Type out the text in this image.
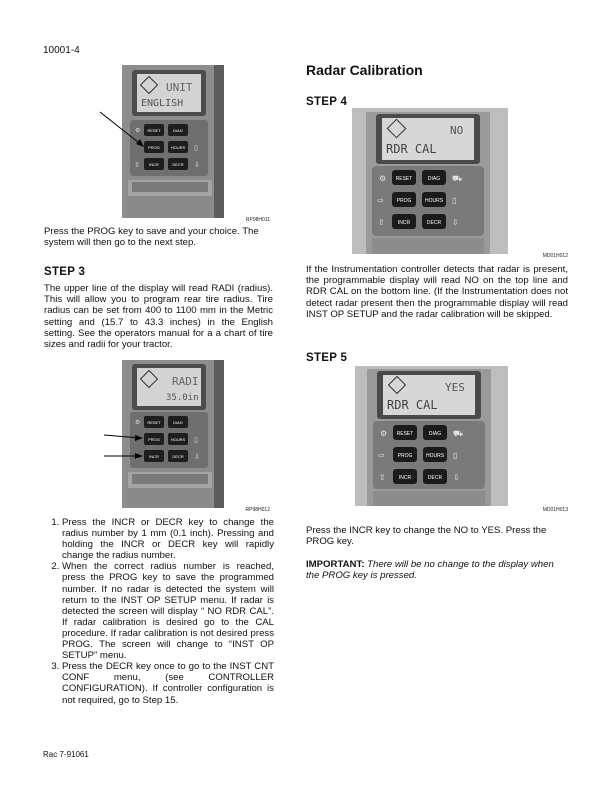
10001-4
UNIT
ENGLISH
RESET	DIAG
PROG	HOURS
INCR	DECR
⚙
▯
⇧	⇩
RP98H011

Press the PROG key to save and your choice. The system will then go to the next step.

STEP 3

The upper line of the display will read RADI (radius). This will allow you to program rear tire radius. Tire radius can be set from 400 to 1100 mm in the Metric setting and (15.7 to 43.3 inches) in the English setting. See the operators manual for a a chart of tire sizes and radii for your tractor.

RADI
35.0in
RESET	DIAG
PROG	HOURS
INCR	DECR
⚙
▯
⇩
RP98H012
1. Press the INCR or DECR key to change the radius number by 1 mm (0.1 inch). Pressing and holding the INCR or DECR key will rapidly change the radius number.
2. When the correct radius number is reached, press the PROG key to save the programmed number. If no radar is detected the system will return to the INST OP SETUP menu. If radar is detected the screen will display “ NO RDR CAL”. If radar calibration is desired go to the CAL procedure. If radar calibration is not desired press PROG. The screen will change to “INST OP SETUP” menu.
3. Press the DECR key once to go to the INST CNT CONF menu, (see CONTROLLER CONFIGURATION). If controller configuration is not required, go to Step 15.
Rac 7-91061
Radar Calibration
STEP 4
NO
RDR CAL
RESET	DIAG
PROG	HOURS
INCR	DECR
⚙	⛟
⇨	▯
⇧	⇩
MD01H012

If the Instrumentation controller detects that radar is present, the programmable display will read NO on the top line and RDR CAL on the bottom line. (If the Instrumentation does not detect radar present then the programmable display will read INST OP SETUP and the radar calibration will be skipped.

STEP 5
YES
RDR CAL
RESET	DIAG
PROG	HOURS
INCR	DECR
⚙	⛟
⇨	▯
⇧	⇩
MD01H013

Press the INCR key to change the NO to YES. Press the PROG key.

IMPORTANT: There will be no change to the display when the PROG key is pressed.
